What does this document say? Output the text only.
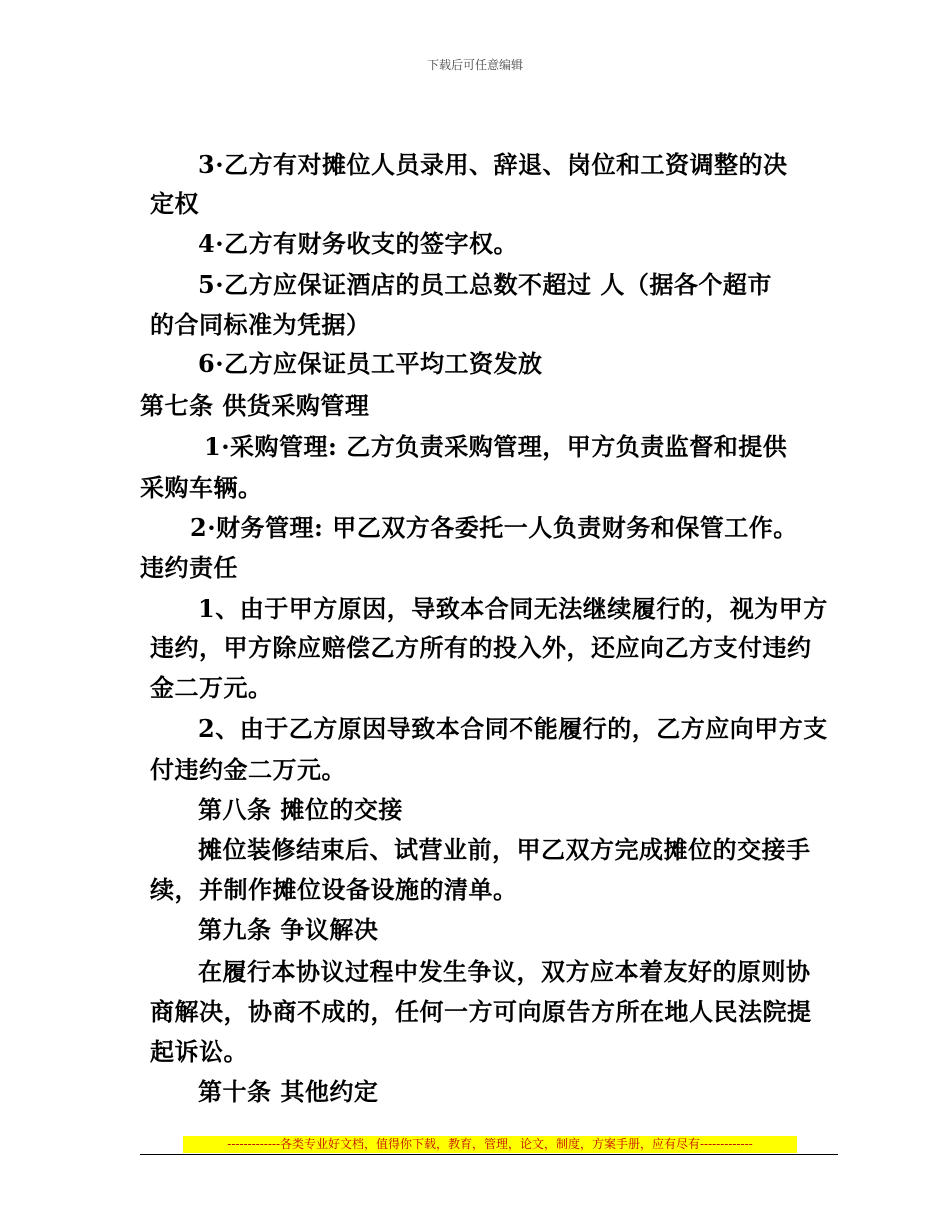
下载后可任意编辑
3·乙方有对摊位人员录用、辞退、岗位和工资调整的决
定权
4·乙方有财务收支的签字权。
5·乙方应保证酒店的员工总数不超过 人（据各个超市
的合同标准为凭据）
6·乙方应保证员工平均工资发放
第七条 供货采购管理
1·采购管理: 乙方负责采购管理，甲方负责监督和提供
采购车辆。
2·财务管理: 甲乙双方各委托一人负责财务和保管工作。
违约责任
1、由于甲方原因，导致本合同无法继续履行的，视为甲方
违约，甲方除应赔偿乙方所有的投入外，还应向乙方支付违约
金二万元。
2、由于乙方原因导致本合同不能履行的，乙方应向甲方支
付违约金二万元。
第八条 摊位的交接
摊位装修结束后、试营业前，甲乙双方完成摊位的交接手
续，并制作摊位设备设施的清单。
第九条 争议解决
在履行本协议过程中发生争议，双方应本着友好的原则协
商解决，协商不成的，任何一方可向原告方所在地人民法院提
起诉讼。
第十条 其他约定
-------------各类专业好文档，值得你下载，教育，管理，论文，制度，方案手册，应有尽有-------------
